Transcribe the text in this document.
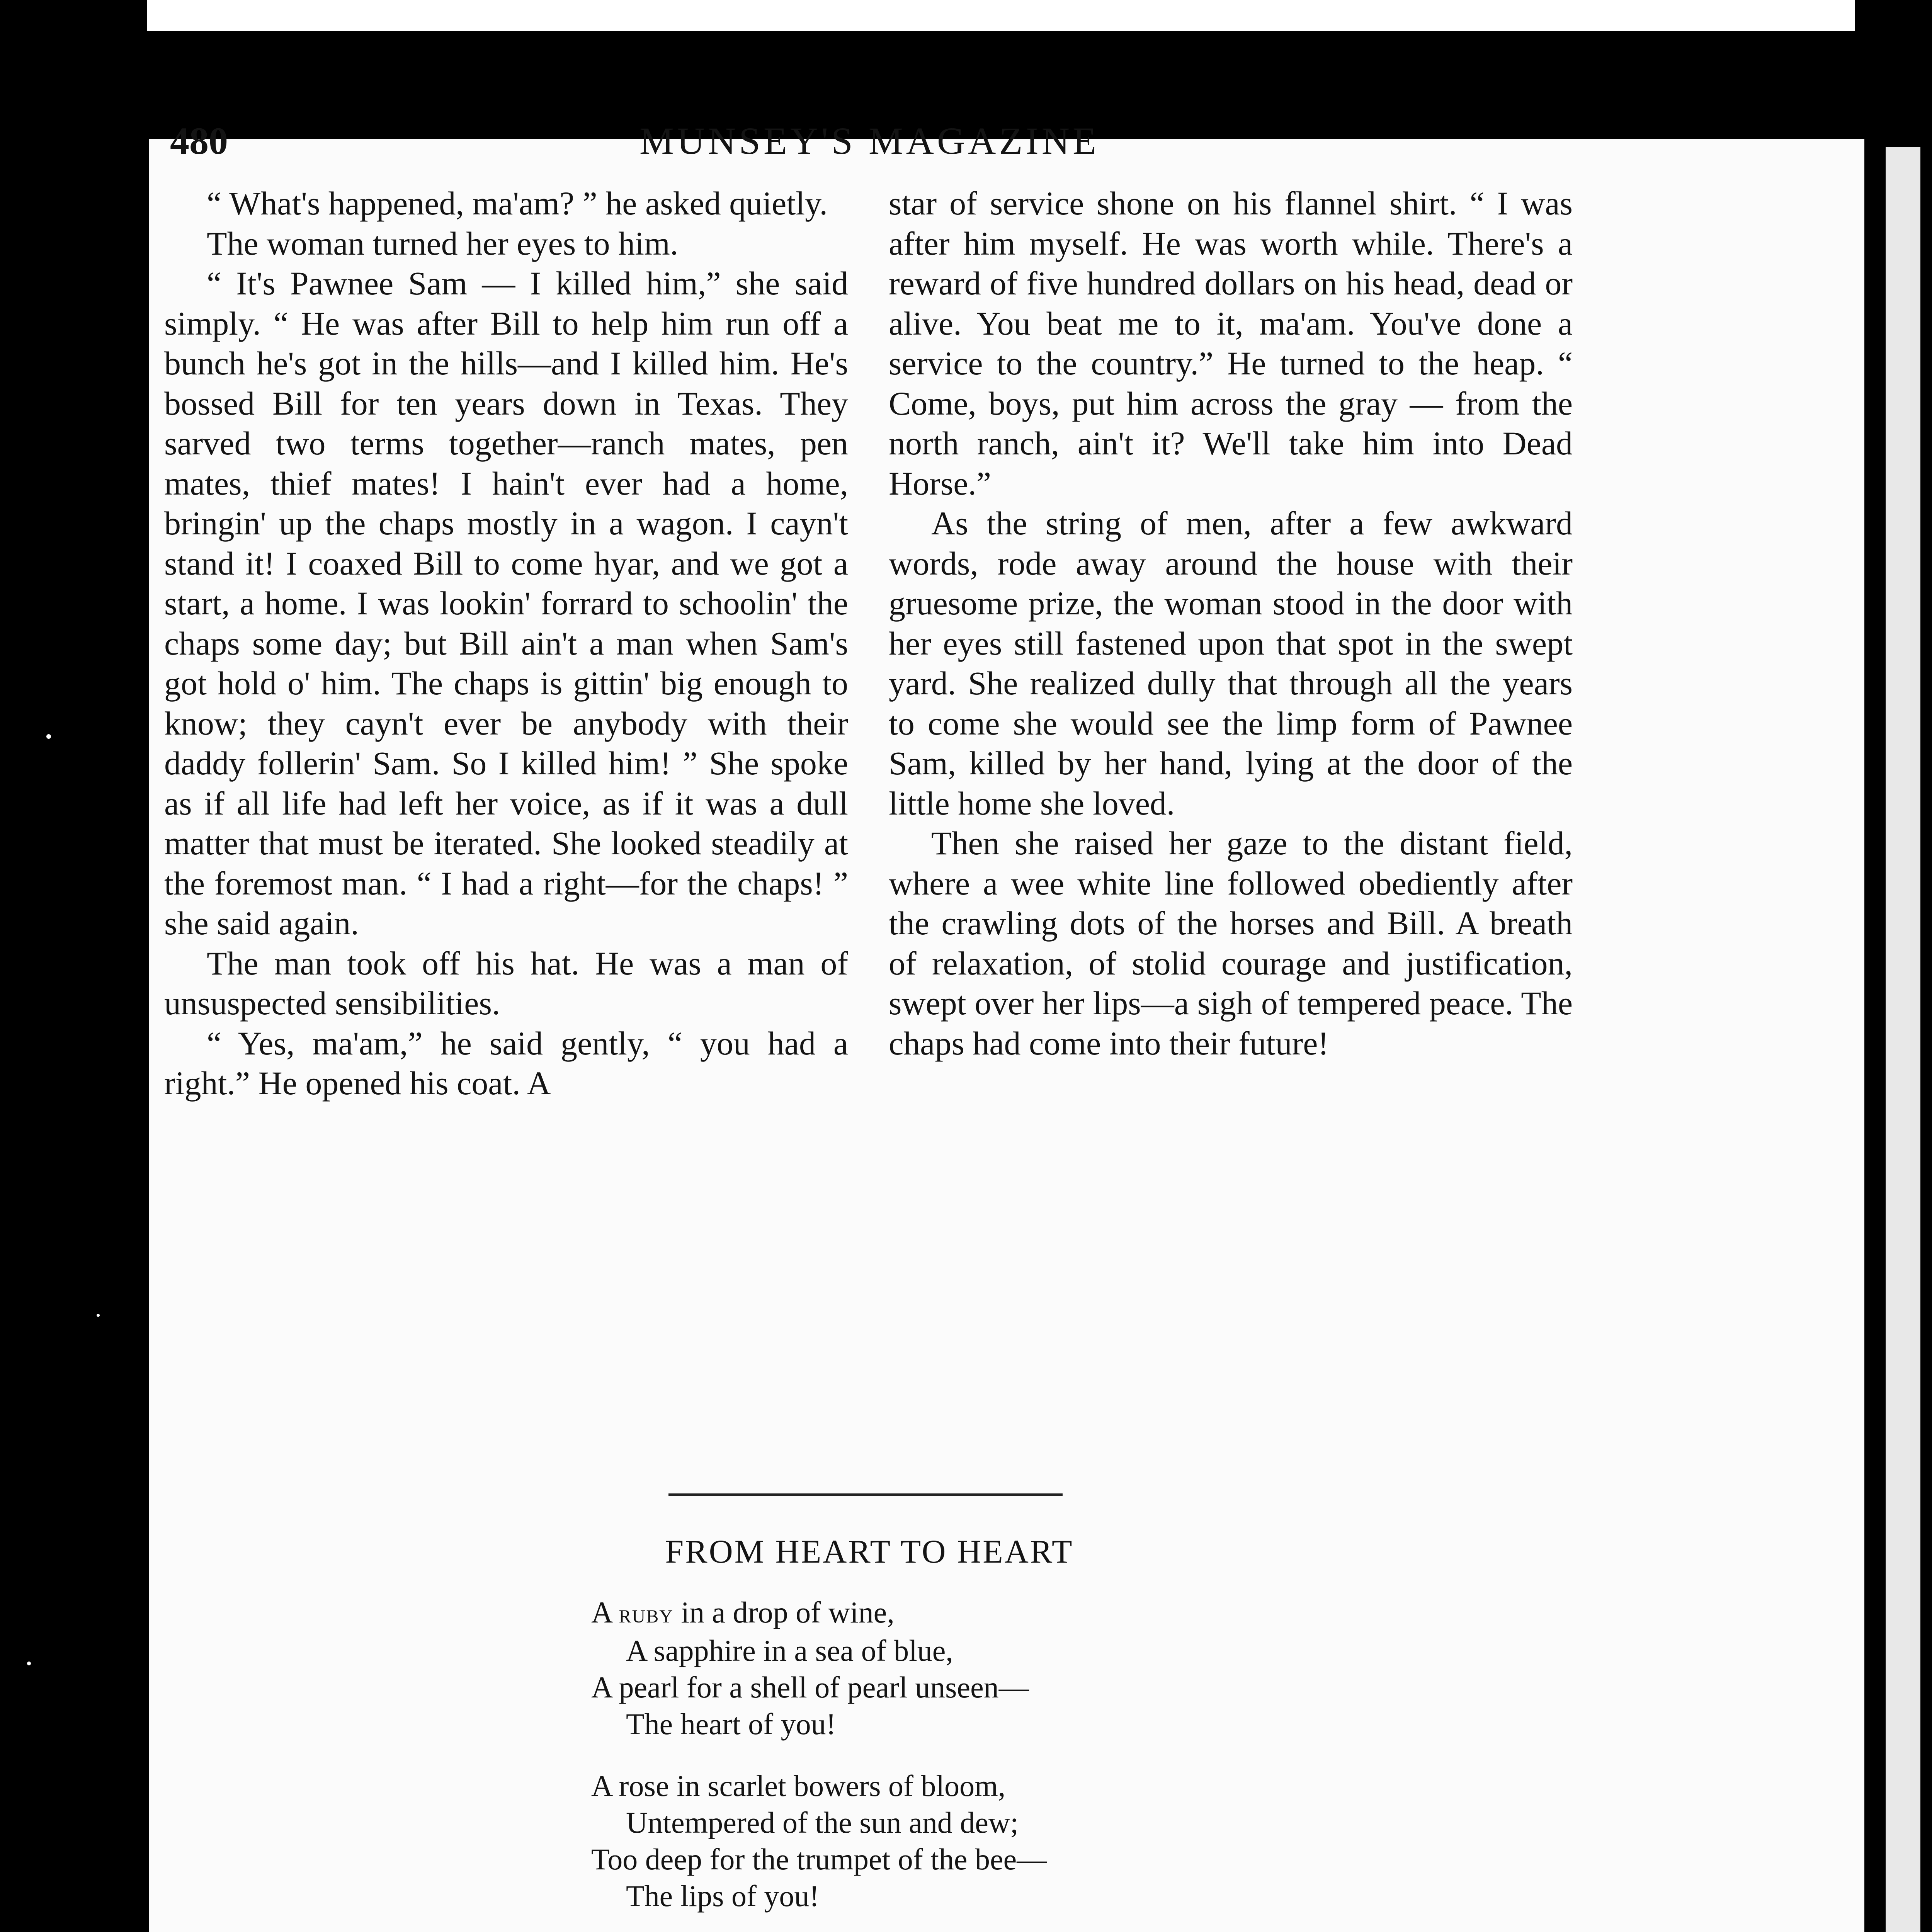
480	MUNSEY'S MAGAZINE

“ What's happened, ma'am? ” he asked quietly.

The woman turned her eyes to him.

“ It's Pawnee Sam — I killed him,” she said simply. “ He was after Bill to help him run off a bunch he's got in the hills—and I killed him. He's bossed Bill for ten years down in Texas. They sarved two terms together—ranch mates, pen mates, thief mates! I hain't ever had a home, bringin' up the chaps mostly in a wagon. I cayn't stand it! I coaxed Bill to come hyar, and we got a start, a home. I was lookin' forrard to schoolin' the chaps some day; but Bill ain't a man when Sam's got hold o' him. The chaps is gittin' big enough to know; they cayn't ever be anybody with their daddy follerin' Sam. So I killed him! ” She spoke as if all life had left her voice, as if it was a dull matter that must be iterated. She looked steadily at the foremost man. “ I had a right—for the chaps! ” she said again.

The man took off his hat. He was a man of unsuspected sensibilities.

“ Yes, ma'am,” he said gently, “ you had a right.” He opened his coat. A

star of service shone on his flannel shirt. “ I was after him myself. He was worth while. There's a reward of five hundred dollars on his head, dead or alive. You beat me to it, ma'am. You've done a service to the country.” He turned to the heap. “ Come, boys, put him across the gray — from the north ranch, ain't it? We'll take him into Dead Horse.”

As the string of men, after a few awkward words, rode away around the house with their gruesome prize, the woman stood in the door with her eyes still fastened upon that spot in the swept yard. She realized dully that through all the years to come she would see the limp form of Pawnee Sam, killed by her hand, lying at the door of the little home she loved.

Then she raised her gaze to the distant field, where a wee white line followed obediently after the crawling dots of the horses and Bill. A breath of relaxation, of stolid courage and justification, swept over her lips—a sigh of tempered peace. The chaps had come into their future!

FROM HEART TO HEART
A ruby in a drop of wine,
A sapphire in a sea of blue,
A pearl for a shell of pearl unseen—
The heart of you!
A rose in scarlet bowers of bloom,
Untempered of the sun and dew;
Too deep for the trumpet of the bee—
The lips of you!
